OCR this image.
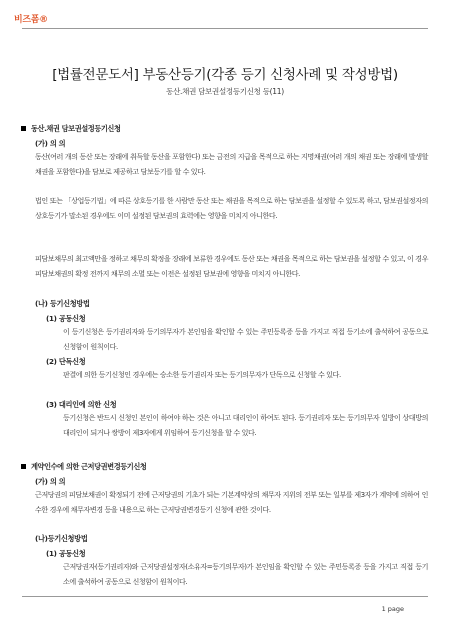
비즈폼®
[법률전문도서] 부동산등기(각종 등기 신청사례 및 작성방법)
동산.채권 담보권설정등기신청 등(11)
동산.채권 담보권설정등기신청
(가) 의 의

동산(여러 개의 동산 또는 장래에 취득할 동산을 포함한다) 또는 금전의 지급을 목적으로 하는 지명채권(여러 개의 채권 또는 장래에 발생할 채권을 포함한다)을 담보로 제공하고 담보등기를 할 수 있다.

법인 또는 「상업등기법」에 따른 상호등기를 한 사람만 동산 또는 채권을 목적으로 하는 담보권을 설정할 수 있도록 하고, 담보권설정자의 상호등기가 말소된 경우에도 이미 설정된 담보권의 효력에는 영향을 미치지 아니한다.

피담보채무의 최고액만을 정하고 채무의 확정을 장래에 보류한 경우에도 동산 또는 채권을 목적으로 하는 담보권을 설정할 수 있고, 이 경우 피담보채권의 확정 전까지 채무의 소멸 또는 이전은 설정된 담보권에 영향을 미치지 아니한다.

(나) 등기신청방법
(1) 공동신청

이 등기신청은 등기권리자와 등기의무자가 본인임을 확인할 수 있는 주민등록증 등을 가지고 직접 등기소에 출석하여 공동으로 신청함이 원칙이다.

(2) 단독신청

판결에 의한 등기신청인 경우에는 승소한 등기권리자 또는 등기의무자가 단독으로 신청할 수 있다.

(3) 대리인에 의한 신청

등기신청은 반드시 신청인 본인이 하여야 하는 것은 아니고 대리인이 하여도 된다. 등기권리자 또는 등기의무자 일방이 상대방의 대리인이 되거나 쌍방이 제3자에게 위임하여 등기신청을 할 수 있다.

계약인수에 의한 근저당권변경등기신청
(가) 의 의

근저당권의 피담보채권이 확정되기 전에 근저당권의 기초가 되는 기본계약상의 채무자 지위의 전부 또는 일부를 제3자가 계약에 의하여 인수한 경우에 채무자변경 등을 내용으로 하는 근저당권변경등기 신청에 관한 것이다.

(나)등기신청방법
(1) 공동신청

근저당권자(등기권리자)와 근저당권설정자(소유자=등기의무자)가 본인임을 확인할 수 있는 주민등록증 등을 가지고 직접 등기소에 출석하여 공동으로 신청함이 원칙이다.

1 page
